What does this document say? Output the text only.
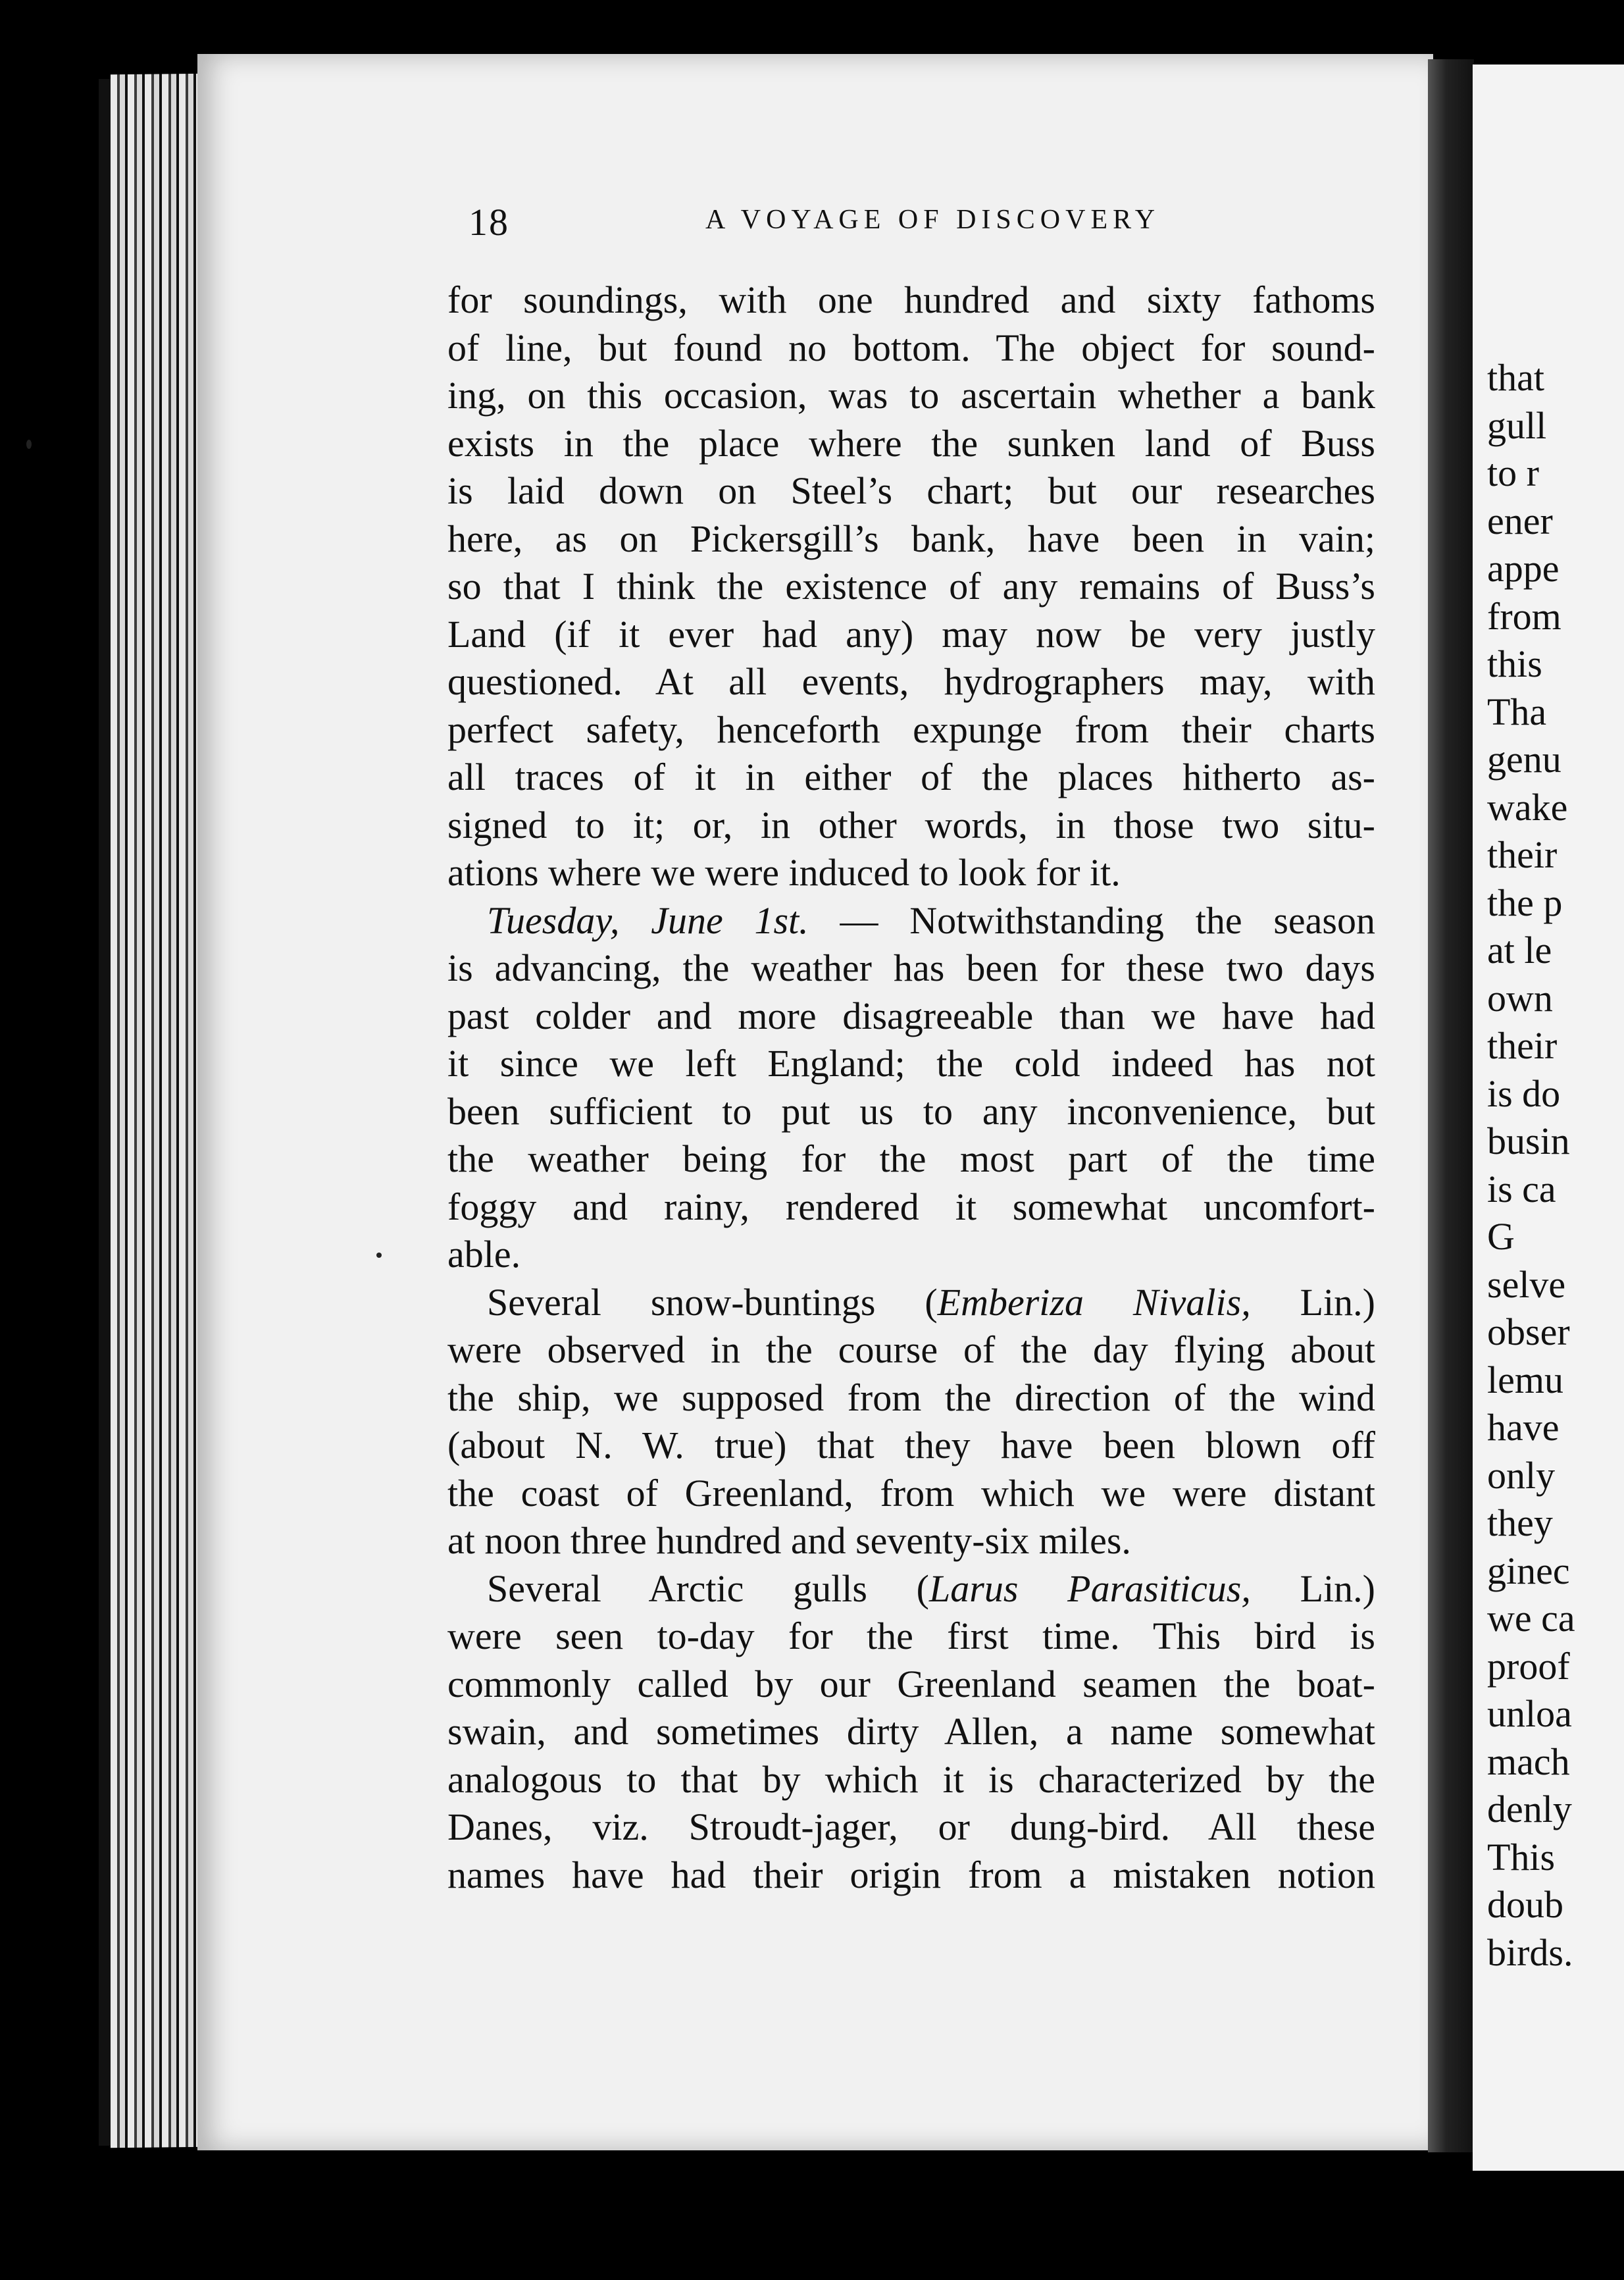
that
gull
to r
ener
appe
from
this
Tha
genu
wake
their
the p
at le
own
their
is do
busin
is ca
G
selve
obser
lemu
have
only
they
ginec
we ca
proof
unloa
mach
denly
This
doub
birds.
18	A VOYAGE OF DISCOVERY
for soundings, with one hundred and sixty fathoms
of line, but found no bottom. The object for sound-
ing, on this occasion, was to ascertain whether a bank
exists in the place where the sunken land of Buss
is laid down on Steel’s chart; but our researches
here, as on Pickersgill’s bank, have been in vain;
so that I think the existence of any remains of Buss’s
Land (if it ever had any) may now be very justly
questioned. At all events, hydrographers may, with
perfect safety, henceforth expunge from their charts
all traces of it in either of the places hitherto as-
signed to it; or, in other words, in those two situ-
ations where we were induced to look for it.
Tuesday, June 1st. — Notwithstanding the season
is advancing, the weather has been for these two days
past colder and more disagreeable than we have had
it since we left England; the cold indeed has not
been sufficient to put us to any inconvenience, but
the weather being for the most part of the time
foggy and rainy, rendered it somewhat uncomfort-
able.
Several snow-buntings (Emberiza Nivalis, Lin.)
were observed in the course of the day flying about
the ship, we supposed from the direction of the wind
(about N. W. true) that they have been blown off
the coast of Greenland, from which we were distant
at noon three hundred and seventy-six miles.
Several Arctic gulls (Larus Parasiticus, Lin.)
were seen to-day for the first time. This bird is
commonly called by our Greenland seamen the boat-
swain, and sometimes dirty Allen, a name somewhat
analogous to that by which it is characterized by the
Danes, viz. Stroudt-jager, or dung-bird. All these
names have had their origin from a mistaken notion
